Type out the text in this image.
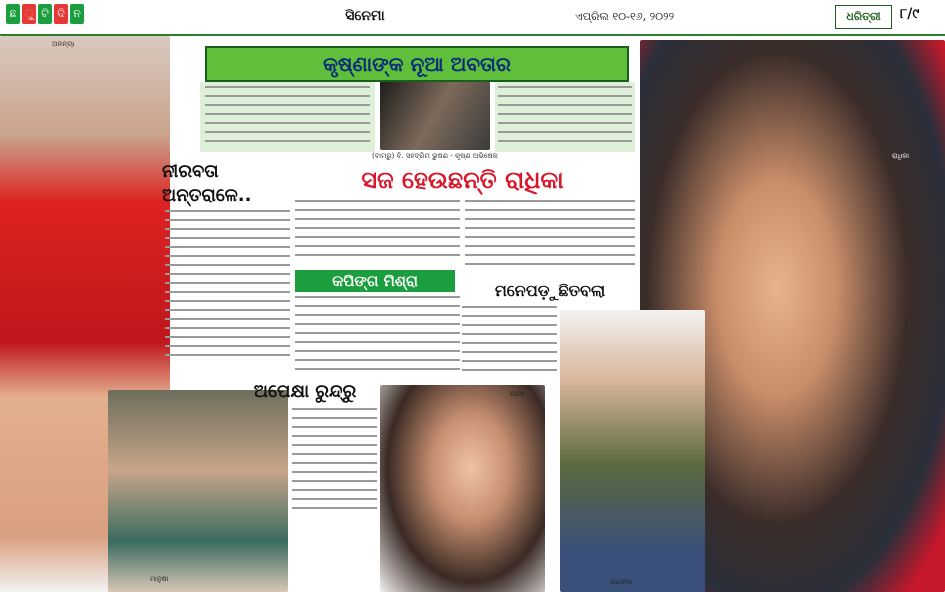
ଛ ୁ ଟି ଦି ନ	ସିନେମା	ଏପ୍ରିଲ ୧୦-୧୬, ୨୦୨୨	ଧରିତ୍ରୀ	୮/୯
ଅନନ୍ୟା
(ବାମରୁ) ବି. ସହଦ୍ରିମ ଭୁଷଣ - କୃଷ୍ଣ ଅଭିଷେକ	ରାଧିକା
ମାନୁଷୀ
ଯାମୀ
ରଣବୀର
କୃଷ୍ଣାଙ୍କ ନୂଆ ଅବତାର
ସଜ ହେଉଛନ୍ତି ରାଧିକା
ନୀରବତା ଅନ୍ତରାଳେ..
କପିଙ୍ଗ ମିଶ୍ରା	ମନେପଡ଼ୁଛିତବଲା
ଅପେକ୍ଷା ରୁନ୍ଦ୍ରୁ
